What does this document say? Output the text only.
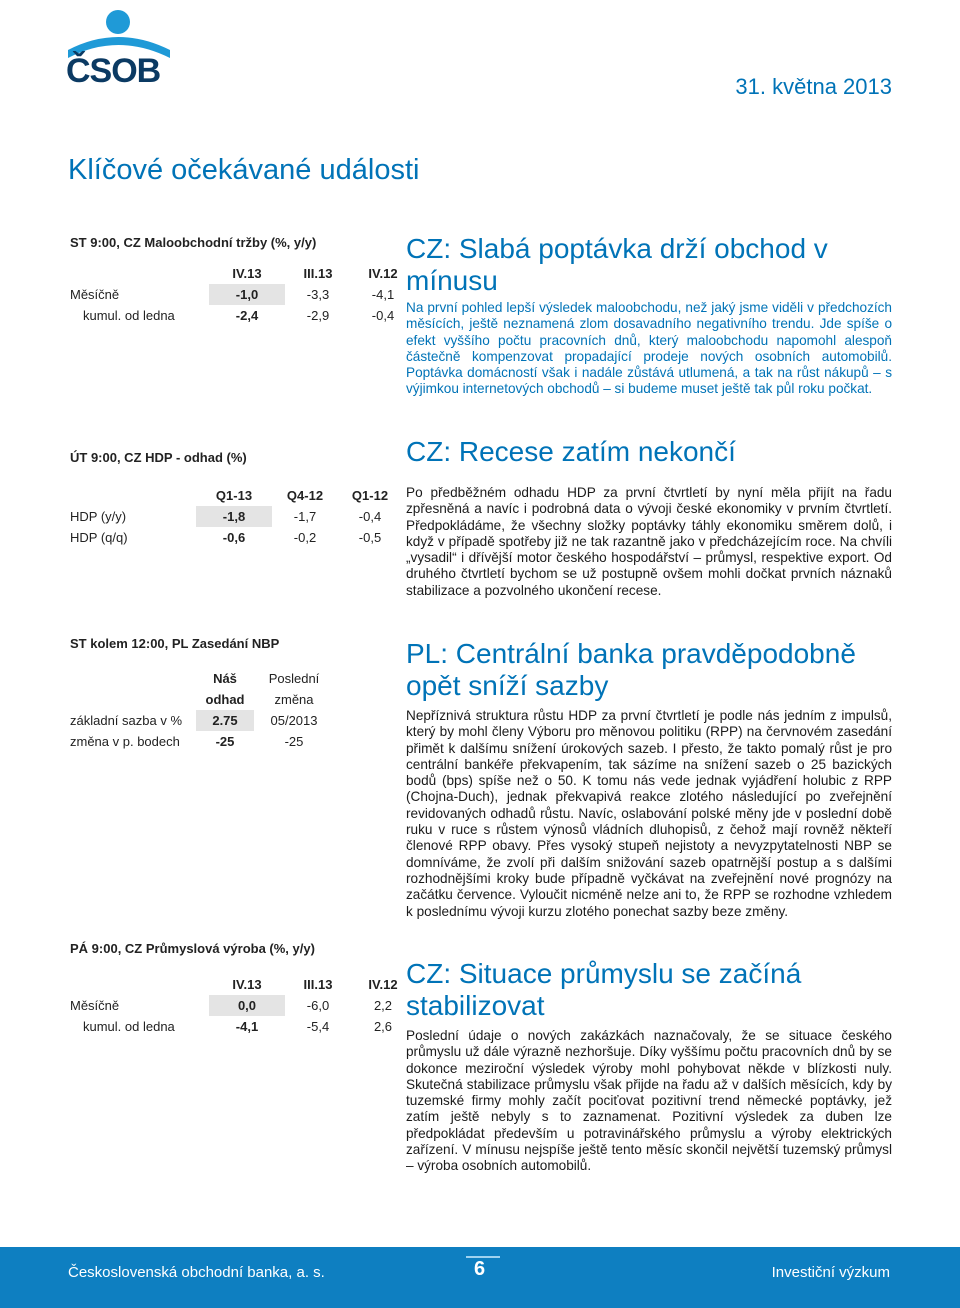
ČSOB	31. května 2013
Klíčové očekávané události
ST 9:00, CZ Maloobchodní tržby (%, y/y)
	IV.13	III.13	IV.12
Měsíčně	-1,0	-3,3	-4,1
kumul. od ledna	-2,4	-2,9	-0,4
ÚT 9:00, CZ HDP - odhad (%)
	Q1-13	Q4-12	Q1-12
HDP (y/y)	-1,8	-1,7	-0,4
HDP (q/q)	-0,6	-0,2	-0,5
ST kolem 12:00, PL Zasedání NBP
	Náš	Poslední
	odhad	změna
základní sazba v %	2.75	05/2013
změna v p. bodech	-25	-25
PÁ 9:00, CZ Průmyslová výroba (%, y/y)
	IV.13	III.13	IV.12
Měsíčně	0,0	-6,0	2,2
kumul. od ledna	-4,1	-5,4	2,6
CZ: Slabá poptávka drží obchod v mínusu
Na první pohled lepší výsledek maloobchodu, než jaký jsme viděli v předchozích měsících, ještě neznamená zlom dosavadního negativního trendu. Jde spíše o efekt vyššího počtu pracovních dnů, který maloobchodu napomohl alespoň částečně kompenzovat propadající prodeje nových osobních automobilů. Poptávka domácností však i nadále zůstává utlumená, a tak na růst nákupů – s výjimkou internetových obchodů – si budeme muset ještě tak půl roku počkat.
CZ: Recese zatím nekončí
Po předběžném odhadu HDP za první čtvrtletí by nyní měla přijít na řadu zpřesněná a navíc i podrobná data o vývoji české ekonomiky v prvním čtvrtletí. Předpokládáme, že všechny složky poptávky táhly ekonomiku směrem dolů, i když v případě spotřeby již ne tak razantně jako v předcházejícím roce. Na chvíli „vysadil“ i dřívější motor českého hospodářství – průmysl, respektive export. Od druhého čtvrtletí bychom se už postupně ovšem mohli dočkat prvních náznaků stabilizace a pozvolného ukončení recese.
PL: Centrální banka pravděpodobně opět sníží sazby
Nepříznivá struktura růstu HDP za první čtvrtletí je podle nás jedním z impulsů, který by mohl členy Výboru pro měnovou politiku (RPP) na červnovém zasedání přimět k dalšímu snížení úrokových sazeb. I přesto, že takto pomalý růst je pro centrální bankéře překvapením, tak sázíme na snížení sazeb o 25 bazických bodů (bps) spíše než o 50. K tomu nás vede jednak vyjádření holubic z RPP (Chojna-Duch), jednak překvapivá reakce zlotého následující po zveřejnění revidovaných odhadů růstu. Navíc, oslabování polské měny jde v poslední době ruku v ruce s růstem výnosů vládních dluhopisů, z čehož mají rovněž někteří členové RPP obavy. Přes vysoký stupeň nejistoty a nevyzpytatelnosti NBP se domníváme, že zvolí při dalším snižování sazeb opatrnější postup a s dalšími rozhodnějšími kroky bude případně vyčkávat na zveřejnění nové prognózy na začátku července. Vyloučit nicméně nelze ani to, že RPP se rozhodne vzhledem k poslednímu vývoji kurzu zlotého ponechat sazby beze změny.
CZ: Situace průmyslu se začíná stabilizovat
Poslední údaje o nových zakázkách naznačovaly, že se situace českého průmyslu už dále výrazně nezhoršuje. Díky vyššímu počtu pracovních dnů by se dokonce meziroční výsledek výroby mohl pohybovat někde v blízkosti nuly. Skutečná stabilizace průmyslu však přijde na řadu až v dalších měsících, kdy by tuzemské firmy mohly začít pociťovat pozitivní trend německé poptávky, jež zatím ještě nebyly s to zaznamenat. Pozitivní výsledek za duben lze předpokládat především u potravinářského průmyslu a výroby elektrických zařízení. V mínusu nejspíše ještě tento měsíc skončil největší tuzemský průmysl – výroba osobních automobilů.
Československá obchodní banka, a. s.	6	Investiční výzkum
